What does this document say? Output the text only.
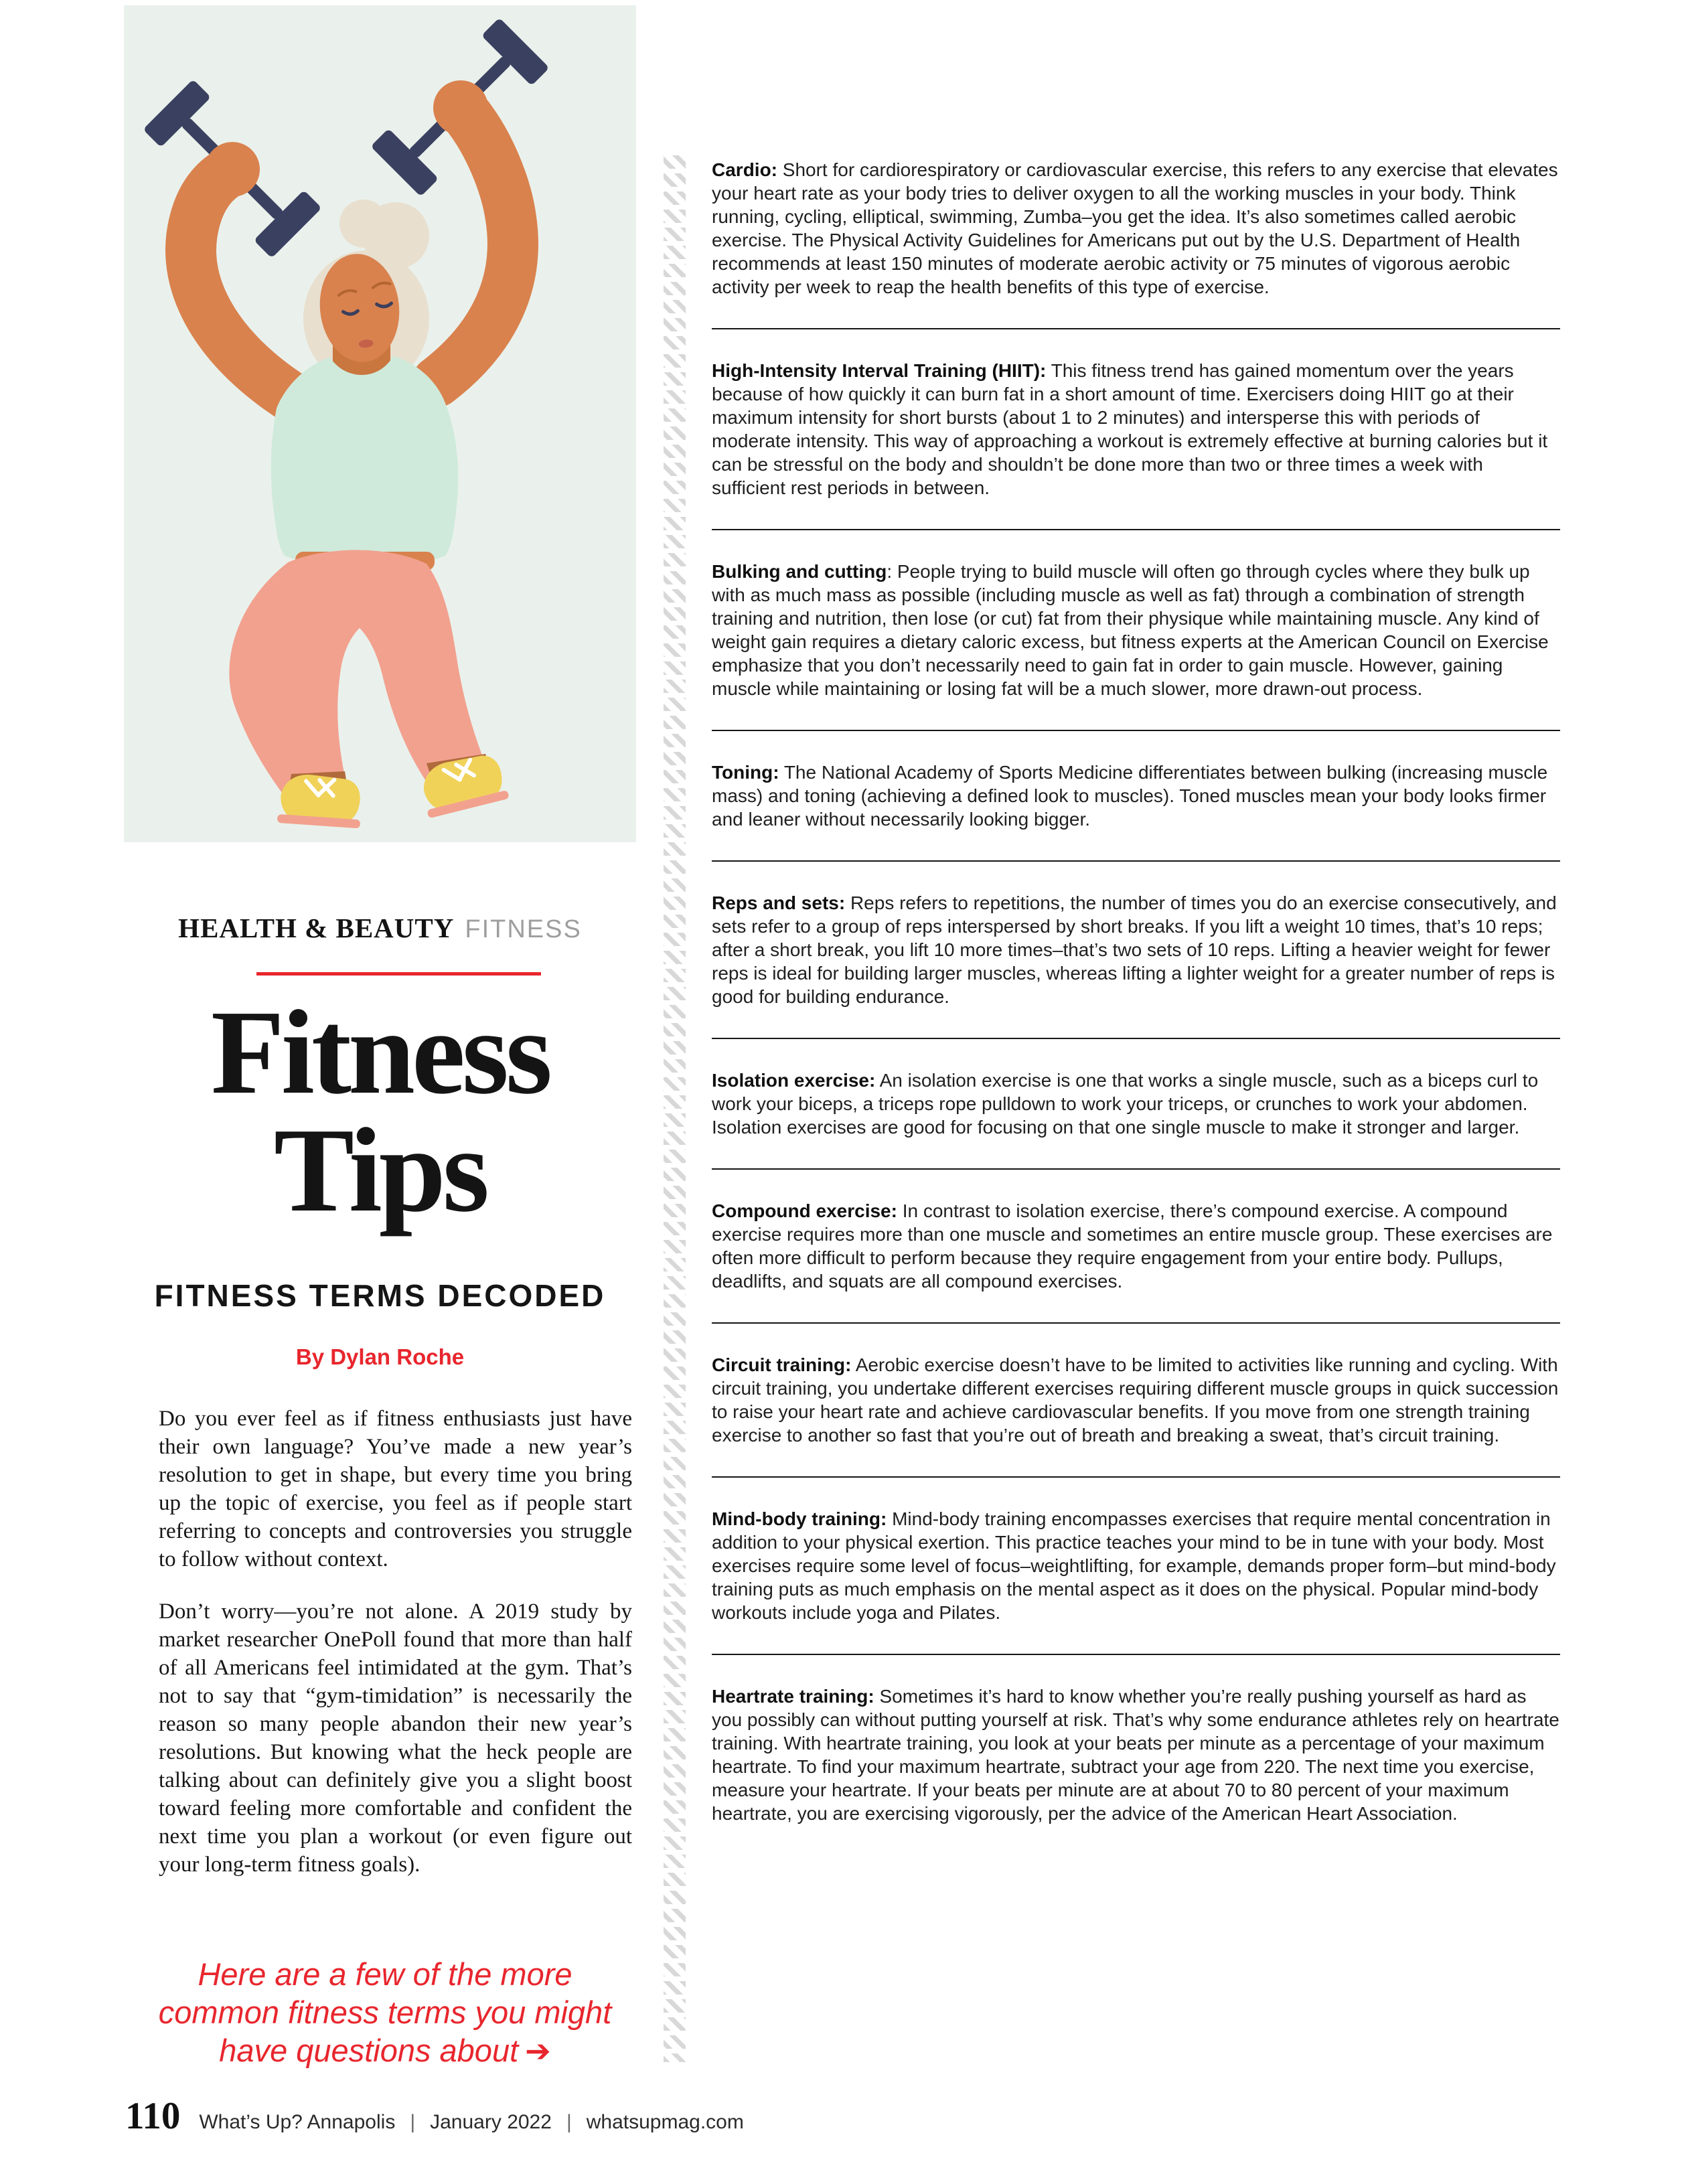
HEALTH & BEAUTY FITNESS
Fitness
Tips
FITNESS TERMS DECODED
By Dylan Roche

Do you ever feel as if fitness enthusiasts just have their own language? You’ve made a new year’s resolution to get in shape, but every time you bring up the topic of exercise, you feel as if people start referring to concepts and controversies you struggle to follow without context.

Don’t worry—you’re not alone. A 2019 study by market researcher OnePoll found that more than half of all Americans feel intimidated at the gym. That’s not to say that “gym-timidation” is necessarily the reason so many people abandon their new year’s resolutions. But knowing what the heck people are talking about can definitely give you a slight boost toward feeling more comfortable and confident the next time you plan a workout (or even figure out your long-term fitness goals).

Here are a few of the more common fitness terms you might have questions about ➔
110 What’s Up? Annapolis | January 2022 | whatsupmag.com

Cardio: Short for cardiorespiratory or cardiovascular exercise, this refers to any exercise that elevates your heart rate as your body tries to deliver oxygen to all the working muscles in your body. Think running, cycling, elliptical, swimming, Zumba–you get the idea. It’s also sometimes called aerobic exercise. The Physical Activity Guidelines for Americans put out by the U.S. Department of Health recommends at least 150 minutes of moderate aerobic activity or 75 minutes of vigorous aerobic activity per week to reap the health benefits of this type of exercise.

High-Intensity Interval Training (HIIT): This fitness trend has gained momentum over the years because of how quickly it can burn fat in a short amount of time. Exercisers doing HIIT go at their maximum intensity for short bursts (about 1 to 2 minutes) and intersperse this with periods of moderate intensity. This way of approaching a workout is extremely effective at burning calories but it can be stressful on the body and shouldn’t be done more than two or three times a week with sufficient rest periods in between.

Bulking and cutting: People trying to build muscle will often go through cycles where they bulk up with as much mass as possible (including muscle as well as fat) through a combination of strength training and nutrition, then lose (or cut) fat from their physique while maintaining muscle. Any kind of weight gain requires a dietary caloric excess, but fitness experts at the American Council on Exercise emphasize that you don’t necessarily need to gain fat in order to gain muscle. However, gaining muscle while maintaining or losing fat will be a much slower, more drawn-out process.

Toning: The National Academy of Sports Medicine differentiates between bulking (increasing muscle mass) and toning (achieving a defined look to muscles). Toned muscles mean your body looks firmer and leaner without necessarily looking bigger.

Reps and sets: Reps refers to repetitions, the number of times you do an exercise consecutively, and sets refer to a group of reps interspersed by short breaks. If you lift a weight 10 times, that’s 10 reps; after a short break, you lift 10 more times–that’s two sets of 10 reps. Lifting a heavier weight for fewer reps is ideal for building larger muscles, whereas lifting a lighter weight for a greater number of reps is good for building endurance.

Isolation exercise: An isolation exercise is one that works a single muscle, such as a biceps curl to work your biceps, a triceps rope pulldown to work your triceps, or crunches to work your abdomen. Isolation exercises are good for focusing on that one single muscle to make it stronger and larger.

Compound exercise: In contrast to isolation exercise, there’s compound exercise. A compound exercise requires more than one muscle and sometimes an entire muscle group. These exercises are often more difficult to perform because they require engagement from your entire body. Pullups, deadlifts, and squats are all compound exercises.

Circuit training: Aerobic exercise doesn’t have to be limited to activities like running and cycling. With circuit training, you undertake different exercises requiring different muscle groups in quick succession to raise your heart rate and achieve cardiovascular benefits. If you move from one strength training exercise to another so fast that you’re out of breath and breaking a sweat, that’s circuit training.

Mind-body training: Mind-body training encompasses exercises that require mental concentration in addition to your physical exertion. This practice teaches your mind to be in tune with your body. Most exercises require some level of focus–weightlifting, for example, demands proper form–but mind-body training puts as much emphasis on the mental aspect as it does on the physical. Popular mind-body workouts include yoga and Pilates.

Heartrate training: Sometimes it’s hard to know whether you’re really pushing yourself as hard as you possibly can without putting yourself at risk. That’s why some endurance athletes rely on heartrate training. With heartrate training, you look at your beats per minute as a percentage of your maximum heartrate. To find your maximum heartrate, subtract your age from 220. The next time you exercise, measure your heartrate. If your beats per minute are at about 70 to 80 percent of your maximum heartrate, you are exercising vigorously, per the advice of the American Heart Association.
